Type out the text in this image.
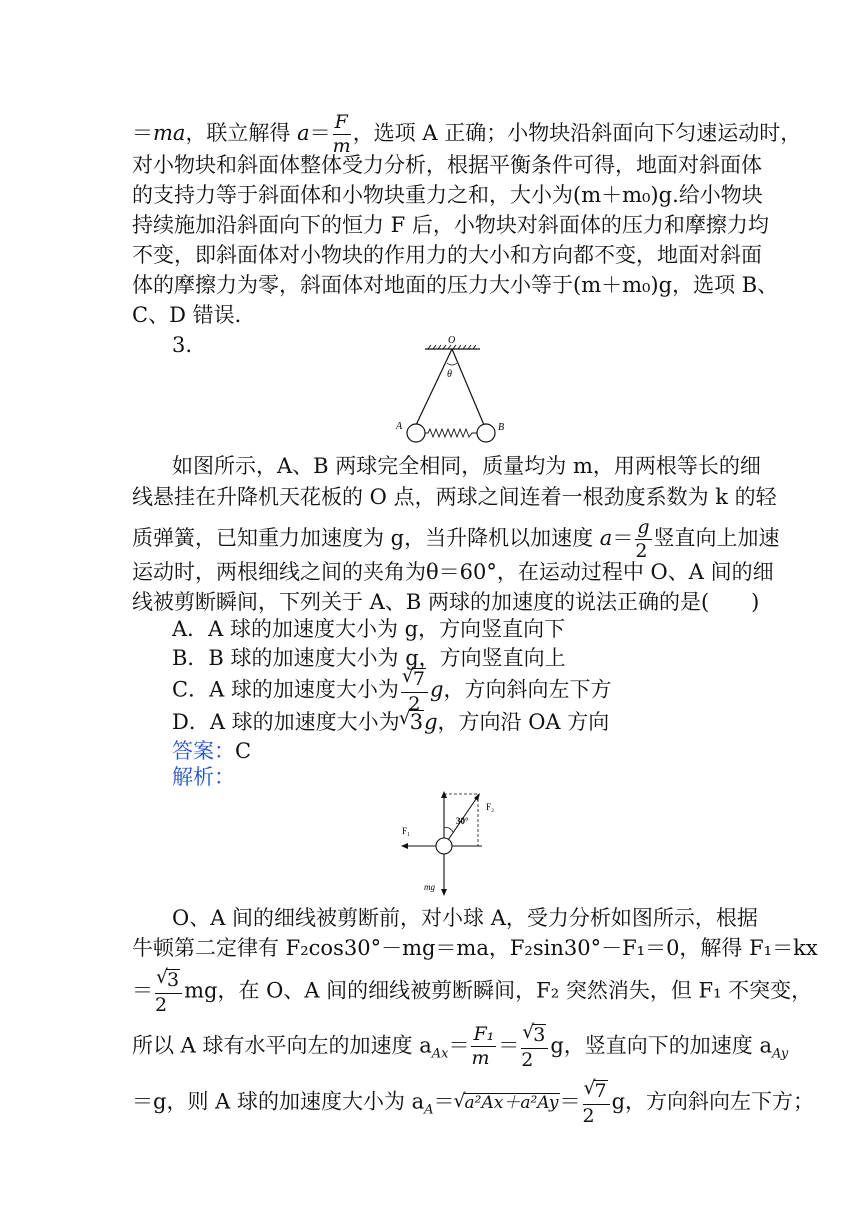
＝ma，联立解得 $a= \frac{F}{m}$ ，选项 A 正确；小物块沿斜面向下匀速运动时，
对小物块和斜面体整体受力分析，根据平衡条件可得，地面对斜面体
的支持力等于斜面体和小物块重力之和，大小为(m＋m₀)g.给小物块
持续施加沿斜面向下的恒力 F 后，小物块对斜面体的压力和摩擦力均
不变，即斜面体对小物块的作用力的大小和方向都不变，地面对斜面
体的摩擦力为零，斜面体对地面的压力大小等于(m＋m₀)g，选项 B、
C、D 错误．
3.	O
θ
A	B
如图所示，A、B 两球完全相同，质量均为 m，用两根等长的细
线悬挂在升降机天花板的 O 点，两球之间连着一根劲度系数为 k 的轻
质弹簧，已知重力加速度为 g，当升降机以加速度 $a= \frac{g}{2}$ 竖直向上加速
运动时，两根细线之间的夹角为θ＝60°，在运动过程中 O、A 间的细
线被剪断瞬间，下列关于 A、B 两球的加速度的说法正确的是(　　)
A．A 球的加速度大小为 g，方向竖直向下
B．B 球的加速度大小为 g，方向竖直向上
C．A 球的加速度大小为
√ $\frac{7}{2}$ g，方向斜向左下方
D．A 球的加速度大小为√ 3g，方向沿 OA 方向
答案：C
解析：
F₂
30°
F₁
mg
O、A 间的细线被剪断前，对小球 A，受力分析如图所示，根据
牛顿第二定律有 F₂cos30°－mg＝ma，F₂sin30°－F₁＝0，解得 F₁＝kx
＝
√ $\frac{3}{2}$ mg，在 O、A 间的细线被剪断瞬间，F₂ 突然消失，但 F₁ 不突变，
所以 A 球有水平向左的加速度 $a_{Ax}= \frac{\text{F₁}}{m}$ ＝
√ $\frac{3}{2}$ g，竖直向下的加速度 $a_{Ay}$
＝g，则 A 球的加速度大小为 $a_A=√$ a²Ax＋a²Ay＝
√ $\frac{7}{2}$ g，方向斜向左下方；
